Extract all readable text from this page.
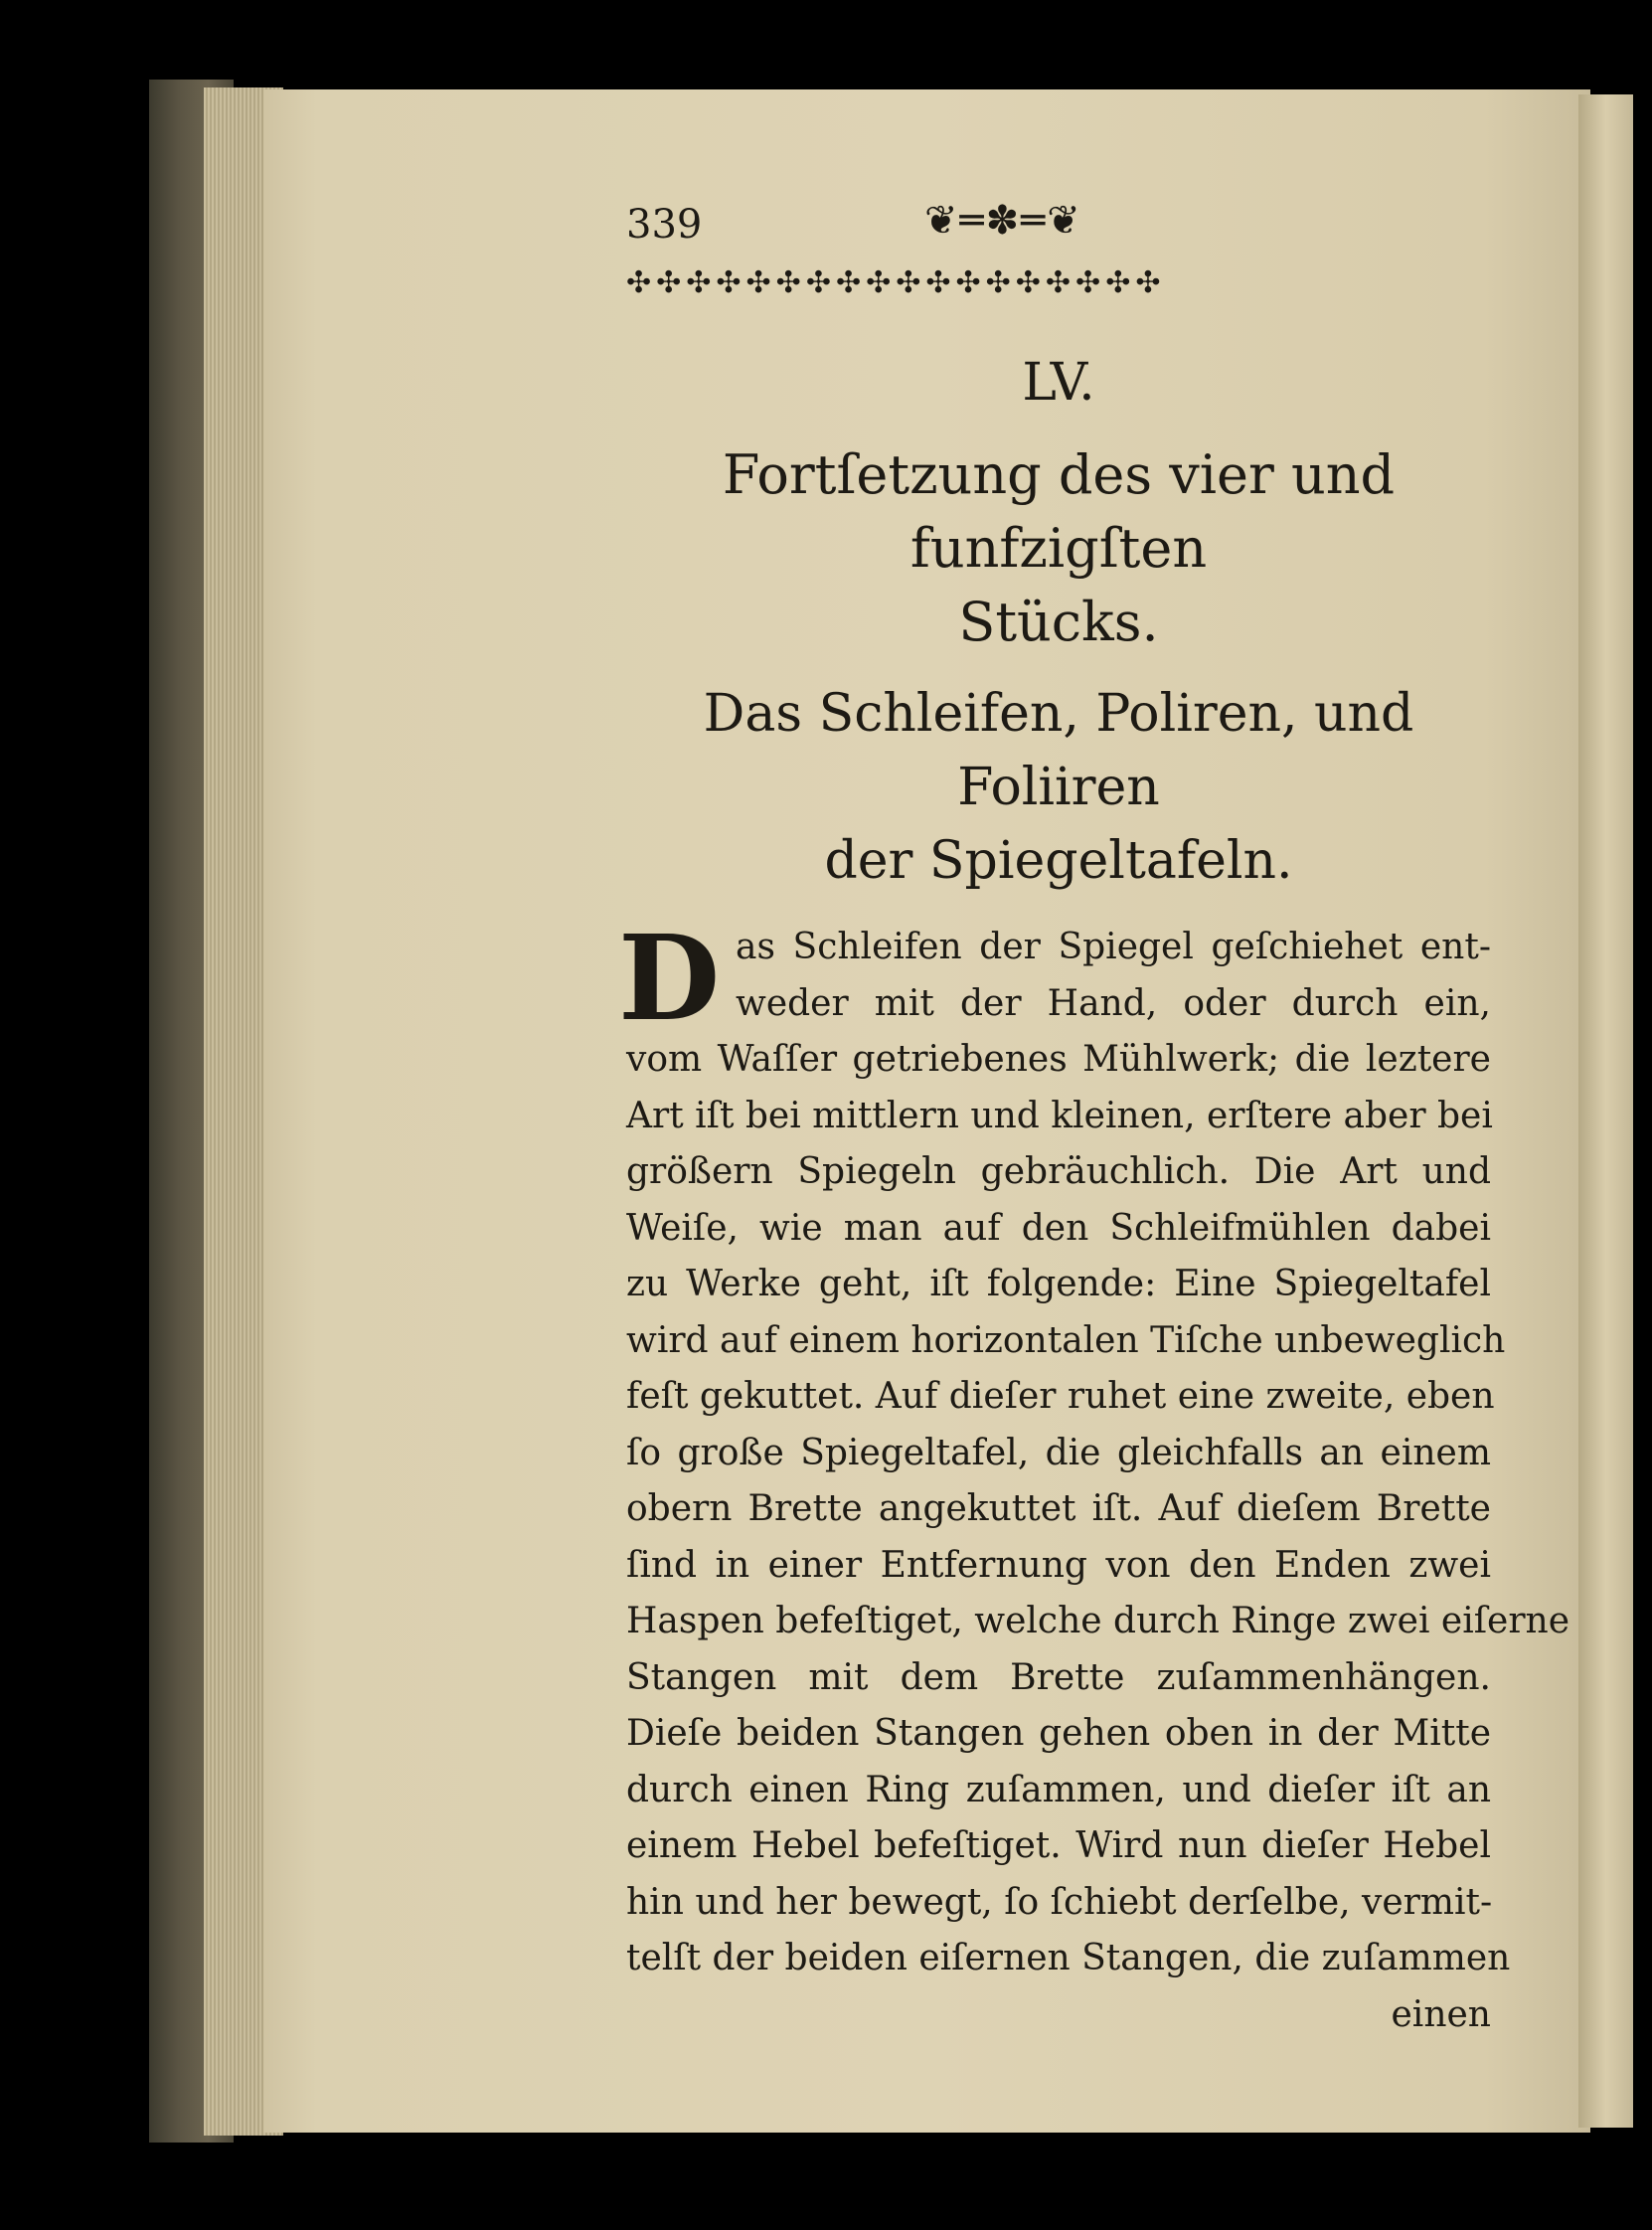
339	❦═✽═❦
✣✣✣✣✣✣✣✣✣✣✣✣✣✣✣✣✣✣
LV.
Fortſetzung des vier und funfzigſten
Stücks.
Das Schleifen, Poliren, und Foliiren
der Spiegeltafeln.
D as Schleifen der Spiegel geſchiehet ent-
weder mit der Hand, oder durch ein,
vom Waſſer getriebenes Mühlwerk; die leztere
Art iſt bei mittlern und kleinen, erſtere aber bei
größern Spiegeln gebräuchlich. Die Art und
Weiſe, wie man auf den Schleifmühlen dabei
zu Werke geht, iſt folgende: Eine Spiegeltafel
wird auf einem horizontalen Tiſche unbeweglich
feſt gekuttet. Auf dieſer ruhet eine zweite, eben
ſo große Spiegeltafel, die gleichfalls an einem
obern Brette angekuttet iſt. Auf dieſem Brette
ſind in einer Entfernung von den Enden zwei
Haspen befeſtiget, welche durch Ringe zwei eiſerne
Stangen mit dem Brette zuſammenhängen.
Dieſe beiden Stangen gehen oben in der Mitte
durch einen Ring zuſammen, und dieſer iſt an
einem Hebel befeſtiget. Wird nun dieſer Hebel
hin und her bewegt, ſo ſchiebt derſelbe, vermit-
telſt der beiden eiſernen Stangen, die zuſammen
einen
